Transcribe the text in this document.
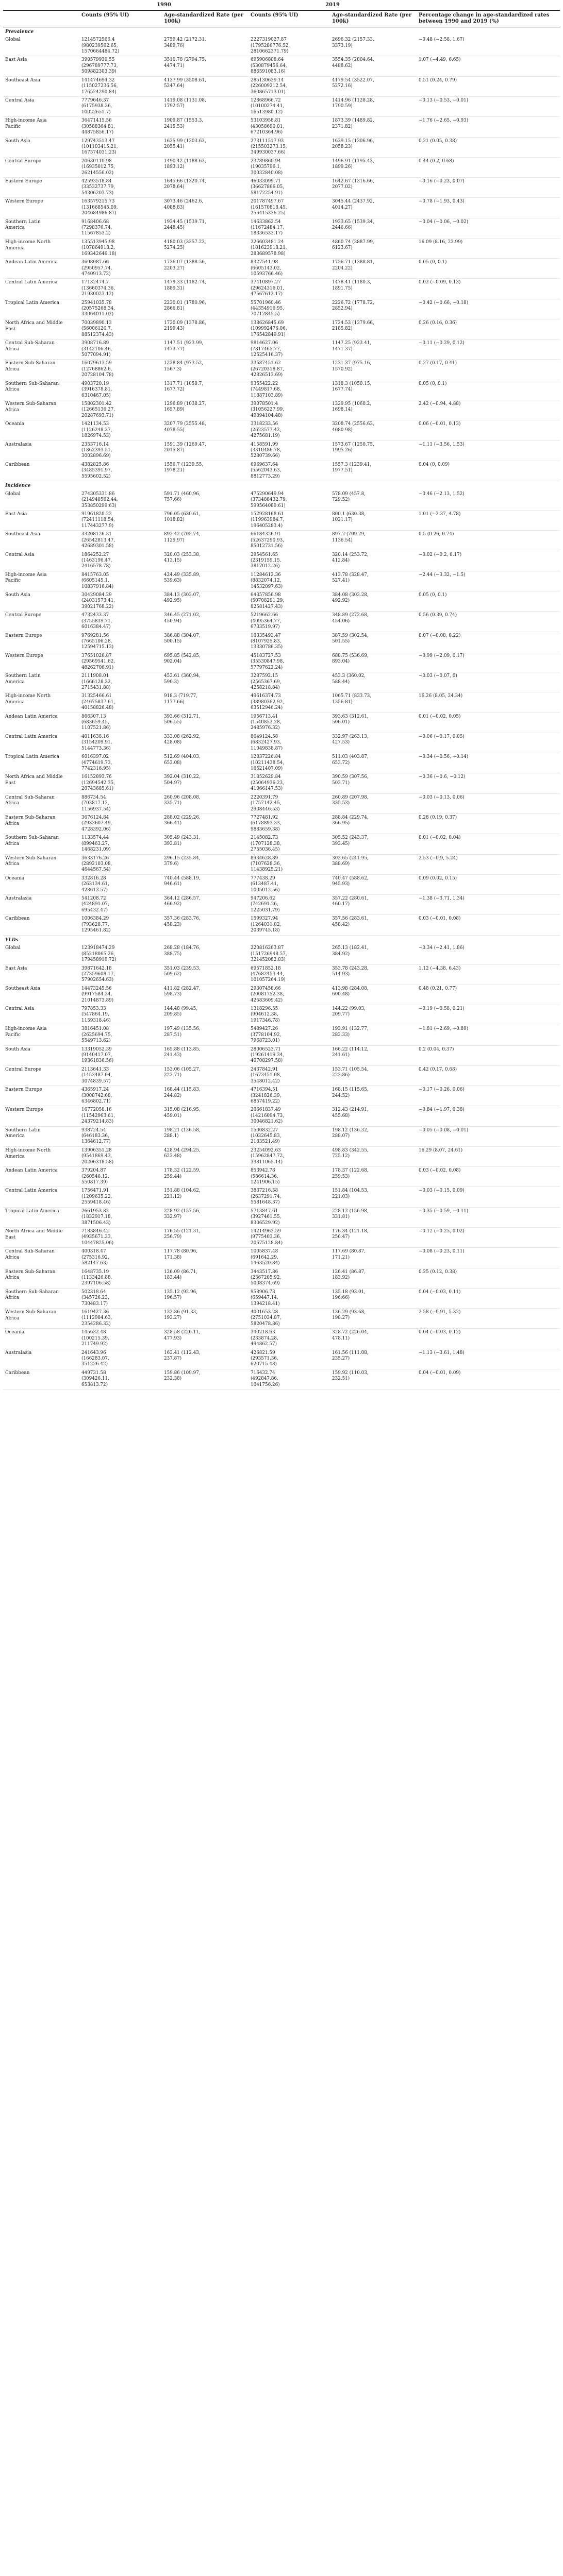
	1990		2019		
	Counts (95% UI)	Age-standardized Rate (per 100k)	Counts (95% UI)	Age-standardized Rate (per 100k)	Percentage change in age-standardized rates between 1990 and 2019 (%)
Prevalence					
Global	1214572566.4
(980239562.65,
1570664484.72)	2759.42 (2172.31,
3489.76)	2227319027.87
(1795286776.52,
2810662371.79)	2696.32 (2157.33,
3373.19)	−0.48 (−2.58, 1.67)
East Asia	390579930.55
(296789777.73,
509882303.39)	3510.78 (2794.75,
4474.71)	695906808.64
(530879456.64,
886591083.16)	3554.35 (2804.64,
4488.62)	1.07 (−4.49, 6.65)
Southeast Asia	141474694.32
(115027236.56,
176524290.84)	4137.99 (3508.61,
5247.64)	285130639.14
(226009212.54,
360865713.01)	4179.54 (3522.07,
5272.16)	0.51 (0.24, 0.79)
Central Asia	7779646.37
(6175938.36,
10022651.7)	1419.08 (1131.08,
1792.57)	12868966.72
(10100274.41,
16513980.12)	1414.96 (1128.28,
1790.59)	−0.13 (−0.53, −0.01)
High-income Asia
Pacific	36471415.56
(30588364.81,
44875856.17)	1909.87 (1553.3,
2415.53)	53103958.81
(43058690.01,
67210364.96)	1873.39 (1489.82,
2371.82)	−1.76 (−2.65, −0.93)
South Asia	129743513.47
(101103415.21,
167574031.23)	1625.99 (1303.63,
2055.41)	273111517.93
(215503273.15,
349930037.66)	1629.15 (1306.96,
2058.23)	0.21 (0.05, 0.38)
Central Europe	20630110.98
(16935012.75,
26214556.02)	1490.42 (1188.63,
1893.12)	23789860.94
(19035796.1,
30032840.08)	1496.91 (1195.43,
1899.26)	0.44 (0.2, 0.68)
Eastern Europe	42593518.84
(33532737.79,
54306203.73)	1645.66 (1320.74,
2078.64)	46033099.71
(36627866.05,
58172254.91)	1642.67 (1316.66,
2077.02)	−0.16 (−0.23, 0.07)
Western Europe	163579215.73
(131668545.09,
204684986.87)	3073.46 (2462.6,
4088.83)	201787497.67
(161570818.45,
256415336.25)	3045.44 (2437.92,
4014.27)	−0.78 (−1.93, 0.43)
Southern Latin
America	9168406.68
(7298376.74,
11567853.2)	1934.45 (1539.71,
2448.45)	14633862.54
(11672484.17,
18336533.17)	1933.65 (1539.34,
2446.66)	−0.04 (−0.06, −0.02)
High-income North
America	135513945.98
(107864918.2,
169342646.18)	4180.03 (3357.22,
5274.25)	226603481.24
(181623918.21,
283689578.98)	4860.74 (3887.99,
6123.67)	16.09 (8.16, 23.99)
Andean Latin America	3698087.66
(2950957.74,
4740913.72)	1736.07 (1388.56,
2203.27)	8327541.98
(6605143.02,
10593766.46)	1736.71 (1388.81,
2204.22)	0.05 (0, 0.1)
Central Latin America	17132474.7
(13660374.36,
21930023.12)	1479.33 (1182.74,
1889.31)	37410897.27
(29624316.01,
47567612.17)	1478.41 (1180.3,
1891.75)	0.02 (−0.09, 0.13)
Tropical Latin America	25941035.78
(20575268.34,
33064011.02)	2230.01 (1780.96,
2866.81)	55701960.46
(44354916.95,
70712845.5)	2226.72 (1778.72,
2852.94)	−0.42 (−0.66, −0.18)
North Africa and Middle
East	70039890.13
(56006126.7,
88512374.43)	1720.09 (1378.86,
2199.43)	138626845.69
(109992476.06,
176542849.91)	1724.53 (1379.66,
2185.82)	0.26 (0.16, 0.36)
Central Sub-Saharan
Africa	3908716.89
(3142106.46,
5077094.91)	1147.51 (923.99,
1473.77)	9814627.06
(7817465.77,
12525416.37)	1147.25 (923.41,
1471.37)	−0.11 (−0.29, 0.12)
Eastern Sub-Saharan
Africa	16079613.59
(12768862.6,
20728104.78)	1228.84 (973.52,
1567.3)	33587451.62
(26720318.87,
42826513.69)	1231.37 (975.16,
1570.92)	0.27 (0.17, 0.41)
Southern Sub-Saharan
Africa	4903720.19
(3916378.81,
6310467.05)	1317.71 (1050.7,
1677.72)	9355422.22
(7449817.68,
11887103.89)	1318.3 (1050.15,
1677.74)	0.05 (0, 0.1)
Western Sub-Saharan
Africa	15802301.42
(12665136.27,
20287693.71)	1296.89 (1038.27,
1657.89)	39078501.4
(31056227.99,
49894104.48)	1329.95 (1060.2,
1698.14)	2.42 (−0.94, 4.88)
Oceania	1421134.53
(1126248.37,
1826974.53)	3207.79 (2555.48,
4078.55)	3318233.56
(2623577.42,
4275681.19)	3208.74 (2556.63,
4080.98)	0.06 (−0.01, 0.13)
Australasia	2353716.14
(1862393.51,
3002896.69)	1591.39 (1269.47,
2015.87)	4158591.99
(3310486.78,
5280739.66)	1573.67 (1250.75,
1995.26)	−1.11 (−3.56, 1.53)
Caribbean	4382825.86
(3485391.97,
5595602.52)	1556.7 (1239.55,
1978.21)	6969637.64
(5562043.63,
8812773.29)	1557.3 (1239.41,
1977.51)	0.04 (0, 0.09)
Incidence					
Global	274305331.86
(214940562.44,
353850299.63)	591.71 (460.96,
757.66)	475290649.94
(373488432.79,
599564089.61)	578.09 (457.8,
729.52)	−0.46 (−2.13, 1.52)
East Asia	91961820.23
(72411118.54,
117443277.9)	796.05 (630.61,
1018.82)	152928168.61
(119963984.7,
196405283.4)	800.1 (630.38,
1021.17)	1.01 (−2.37, 4.78)
Southeast Asia	33208126.31
(26542813.47,
42689301.58)	892.42 (705.74,
1129.97)	66184326.91
(52637290.93,
85012731.56)	897.2 (709.29,
1136.54)	0.5 (0.26, 0.74)
Central Asia	1864252.27
(1463196.47,
2416578.78)	320.03 (253.38,
413.15)	2954561.65
(2319159.15,
3817012.26)	320.14 (253.72,
412.84)	−0.02 (−0.2, 0.17)
High-income Asia
Pacific	8415763.05
(6605145.1,
10837916.84)	424.49 (335.89,
539.63)	11284612.36
(8832074.12,
14532097.63)	413.78 (328.47,
527.41)	−2.44 (−3.32, −1.5)
South Asia	30429084.29
(24031573.41,
39021768.22)	384.13 (303.07,
492.95)	64357856.98
(50708291.29,
82581427.43)	384.08 (303.28,
492.92)	0.05 (0, 0.1)
Central Europe	4732433.37
(3755839.71,
6016384.47)	346.45 (271.02,
450.94)	5219662.66
(4095364.77,
6733519.97)	348.89 (272.68,
454.06)	0.56 (0.39, 0.74)
Eastern Europe	9769281.56
(7665106.28,
12594715.13)	386.88 (304.07,
500.15)	10335493.47
(8107925.83,
13330786.35)	387.59 (302.54,
501.55)	0.07 (−0.08, 0.22)
Western Europe	37651026.87
(29569541.62,
48262706.91)	695.85 (542.85,
902.04)	45183727.53
(35530847.98,
57797622.24)	688.75 (536.69,
893.04)	−0.99 (−2.09, 0.17)
Southern Latin
America	2111908.01
(1666128.32,
2715431.88)	453.61 (360.94,
590.3)	3287592.15
(2565367.69,
4258218.84)	453.3 (360.02,
588.44)	−0.03 (−0.07, 0)
High-income North
America	31325466.61
(24675837.61,
40158826.48)	918.3 (719.77,
1177.66)	49616374.73
(38980362.92,
63512946.24)	1065.71 (833.73,
1356.81)	16.26 (8.05, 24.34)
Andean Latin America	866307.13
(683659.45,
1107521.86)	393.66 (312.71,
506.55)	1956713.41
(1540853.28,
2485976.32)	393.63 (312.61,
506.01)	0.01 (−0.02, 0.05)
Central Latin America	4011638.16
(3154209.91,
5144773.36)	333.08 (262.92,
428.08)	8649124.58
(6832427.93,
11049838.87)	332.97 (263.13,
427.53)	−0.06 (−0.17, 0.05)
Tropical Latin America	6016397.02
(4774619.73,
7742316.95)	512.69 (404.03,
653.08)	12837226.84
(10211438.54,
16521407.09)	511.03 (403.87,
653.72)	−0.34 (−0.56, −0.14)
North Africa and Middle
East	16152893.76
(12694542.35,
20743685.61)	392.04 (310.22,
504.97)	31852629.84
(25064936.23,
41066147.53)	390.59 (307.56,
503.71)	−0.36 (−0.6, −0.12)
Central Sub-Saharan
Africa	886734.54
(703817.12,
1156937.54)	260.96 (208.08,
335.71)	2220391.79
(1757142.45,
2908446.53)	260.89 (207.98,
335.53)	−0.03 (−0.13, 0.06)
Eastern Sub-Saharan
Africa	3676124.84
(2933607.49,
4728392.06)	288.02 (229.26,
366.41)	7727481.92
(6178893.33,
9883659.38)	288.84 (229.74,
366.95)	0.28 (0.19, 0.37)
Southern Sub-Saharan
Africa	1133574.44
(899463.27,
1468231.09)	305.49 (243.31,
393.81)	2145082.73
(1707128.38,
2755036.45)	305.52 (243.37,
393.45)	0.01 (−0.02, 0.04)
Western Sub-Saharan
Africa	3633176.26
(2892103.08,
4644567.54)	296.15 (235.84,
379.6)	8934628.89
(7107628.36,
11438925.21)	303.65 (241.95,
388.69)	2.53 (−0.9, 5.24)
Oceania	332816.28
(263134.61,
428613.57)	740.44 (588.19,
946.61)	777438.29
(613487.41,
1005012.56)	740.47 (588.62,
945.93)	0.09 (0.02, 0.15)
Australasia	541208.72
(424891.07,
695432.47)	364.12 (286.57,
466.92)	947206.62
(742691.26,
1225031.79)	357.22 (280.61,
460.17)	−1.38 (−3.71, 1.34)
Caribbean	1006384.29
(793628.77,
1295461.82)	357.36 (283.76,
458.23)	1599327.94
(1264031.82,
2039745.18)	357.56 (283.61,
458.42)	0.03 (−0.01, 0.08)
YLDs					
Global	123918474.29
(85218065.26,
179458916.72)	268.28 (184.76,
388.75)	220816263.87
(151726948.57,
321452082.83)	265.13 (182.41,
384.92)	−0.34 (−2.41, 1.86)
East Asia	39871642.18
(27359608.17,
57902654.63)	351.03 (239.53,
509.62)	69571852.18
(47682453.44,
101057264.19)	353.78 (243.28,
514.93)	1.12 (−4.38, 6.43)
Southeast Asia	14473245.56
(9917584.34,
21014873.89)	411.82 (282.47,
598.73)	29307458.66
(20081752.38,
42583609.42)	413.98 (284.08,
600.48)	0.48 (0.21, 0.77)
Central Asia	797853.33
(547864.19,
1159318.46)	144.48 (99.45,
209.85)	1318296.55
(904612.38,
1917346.78)	144.22 (99.03,
209.77)	−0.19 (−0.58, 0.21)
High-income Asia
Pacific	3816451.08
(2625694.75,
5549713.62)	197.49 (135.56,
287.51)	5489427.26
(3778104.92,
7968723.01)	193.91 (132.77,
282.33)	−1.81 (−2.69, −0.89)
South Asia	13319052.39
(9140417.07,
19361836.56)	165.88 (113.85,
241.43)	28006523.71
(19261419.34,
40708297.58)	166.22 (114.12,
241.61)	0.2 (0.04, 0.37)
Central Europe	2113641.33
(1453487.04,
3074839.57)	153.06 (105.27,
222.71)	2437842.91
(1673451.08,
3548012.42)	153.71 (105.54,
223.86)	0.42 (0.17, 0.68)
Eastern Europe	4365917.24
(3008742.68,
6346802.71)	168.44 (115.83,
244.82)	4716394.51
(3241826.39,
6857419.22)	168.15 (115.65,
244.52)	−0.17 (−0.26, 0.06)
Western Europe	16772058.16
(11542963.61,
24379214.83)	315.08 (216.95,
459.01)	20661837.49
(14216094.73,
30046821.62)	312.43 (214.91,
455.68)	−0.84 (−1.97, 0.38)
Southern Latin
America	938724.54
(646183.36,
1364612.77)	198.21 (136.58,
288.1)	1500832.27
(1032645.83,
2183521.49)	198.12 (136.32,
288.07)	−0.05 (−0.08, −0.01)
High-income North
America	13906351.28
(9541869.43,
20206318.58)	428.94 (294.25,
623.48)	23254092.63
(15962847.72,
33811065.14)	498.83 (342.55,
725.12)	16.29 (8.07, 24.61)
Andean Latin America	379204.87
(260546.12,
550817.39)	178.32 (122.59,
259.44)	853942.78
(586614.36,
1241906.15)	178.37 (122.68,
259.53)	0.03 (−0.02, 0.08)
Central Latin America	1756471.91
(1209635.22,
2559418.46)	151.88 (104.62,
221.12)	3837216.58
(2637291.74,
5581648.37)	151.84 (104.53,
221.03)	−0.03 (−0.15, 0.09)
Tropical Latin America	2661953.82
(1832917.18,
3871506.43)	228.92 (157.56,
332.97)	5713847.61
(3927461.55,
8306529.92)	228.12 (156.98,
331.81)	−0.35 (−0.59, −0.11)
North Africa and Middle
East	7183846.42
(4935671.33,
10447825.06)	176.55 (121.31,
256.79)	14214963.59
(9775403.36,
20675128.84)	176.34 (121.18,
256.47)	−0.12 (−0.25, 0.02)
Central Sub-Saharan
Africa	400318.47
(275316.92,
582147.63)	117.78 (80.96,
171.38)	1005837.48
(691642.29,
1463520.84)	117.69 (80.87,
171.21)	−0.08 (−0.23, 0.11)
Eastern Sub-Saharan
Africa	1648735.19
(1133426.88,
2397106.58)	126.09 (86.71,
183.44)	3443517.86
(2367205.92,
5008374.69)	126.41 (86.87,
183.92)	0.25 (0.12, 0.38)
Southern Sub-Saharan
Africa	502318.64
(345726.23,
730483.17)	135.12 (92.96,
196.57)	958906.73
(659447.14,
1394218.41)	135.18 (93.01,
196.66)	0.04 (−0.03, 0.11)
Western Sub-Saharan
Africa	1619427.36
(1112984.63,
2354286.32)	132.86 (91.33,
193.27)	4001653.28
(2751034.87,
5820478.86)	136.29 (93.68,
198.27)	2.58 (−0.91, 5.32)
Oceania	145632.48
(100215.39,
211749.92)	328.58 (226.11,
477.93)	340218.63
(233874.28,
494862.57)	328.72 (226.04,
478.11)	0.04 (−0.03, 0.12)
Australasia	241643.96
(166283.07,
351226.42)	163.41 (112.43,
237.87)	426821.59
(293571.36,
620715.48)	161.56 (111.08,
235.27)	−1.13 (−3.61, 1.48)
Caribbean	449731.58
(309426.11,
653813.72)	159.86 (109.97,
232.38)	716432.74
(492847.86,
1041756.26)	159.92 (110.03,
232.51)	0.04 (−0.01, 0.09)
